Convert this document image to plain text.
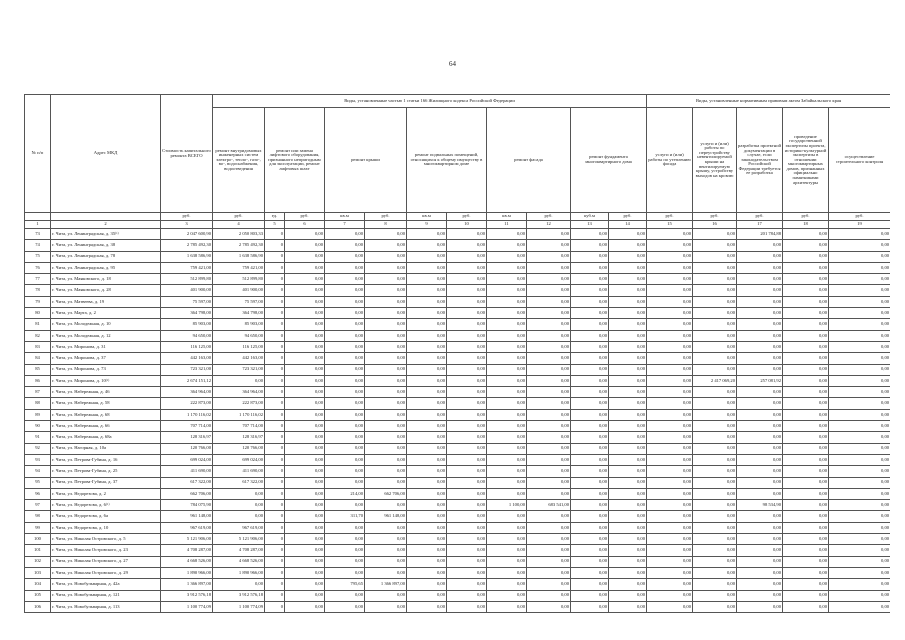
64
№ п/п	Адрес МКД	Стоимость капитального ремонта ВСЕГО	Виды, установленные частью 1 статьи 166 Жилищного кодекса Российской Федерации											Виды, установленные нормативным правовым актом Забайкальского края				
			ремонт внутридомовых инженерных систем электро-, тепло-, газо-, во-, водоснабжения, водоотведения	ремонт или замена лифтового оборудования, признанного непригодным для эксплуатации, ремонт лифтовых шахт		ремонт крыши		ремонт подвальных помещений, относящихся к общему имуществу в многоквартирном доме		ремонт фасада		ремонт фундамента многоквартирного дома		услуги и (или) работы по утеплению фасада	услуги и (или) работы по переустройству невентилируемой крыши на вентилируемую крышу, устройству выходов на кровлю	разработка проектной документации в случае, если законодательством Российской Федерации требуется ее разработка	проведение государственной экспертизы проекта, историко-культурной экспертизы в отношении многоквартирных домов, признанных официально памятниками архитектуры	осуществление строительного контроля
		руб.	руб.	ед.	руб.	кв.м	руб.	кв.м	руб.	кв.м	руб.	куб.м	руб.	руб.	руб.	руб.	руб.	руб.
1	2	3	4	5	6	7	8	9	10	11	12	13	14	15	16	17	18	19
73	г. Чита, ул. Ленинградская, д. 35$^{(1)}$	2 047 600,90	2 050 803,33	0	0,00	0,00	0,00	0,00	0,00	0,00	0,00	0,00	0,00	0,00	0,00	201 784,88	0,00	0,00
74	г. Чита, ул. Ленинградская, д. 38	2 785 492,30	2 785 492,30	0	0,00	0,00	0,00	0,00	0,00	0,00	0,00	0,00	0,00	0,00	0,00	0,00	0,00	0,00
75	г. Чита, ул. Ленинградская, д. 78	1 638 586,90	1 638 586,90	0	0,00	0,00	0,00	0,00	0,00	0,00	0,00	0,00	0,00	0,00	0,00	0,00	0,00	0,00
76	г. Чита, ул. Ленинградская, д. 95	759 421,00	759 421,00	0	0,00	0,00	0,00	0,00	0,00	0,00	0,00	0,00	0,00	0,00	0,00	0,00	0,00	0,00
77	г. Чита, ул. Маяковского, д. 18	512 899,80	512 899,80	0	0,00	0,00	0,00	0,00	0,00	0,00	0,00	0,00	0,00	0,00	0,00	0,00	0,00	0,00
78	г. Чита, ул. Маяковского, д. 28	401 900,00	401 900,00	0	0,00	0,00	0,00	0,00	0,00	0,00	0,00	0,00	0,00	0,00	0,00	0,00	0,00	0,00
79	г. Чита, ул. Матвеева, д. 19	75 597,00	75 597,00	0	0,00	0,00	0,00	0,00	0,00	0,00	0,00	0,00	0,00	0,00	0,00	0,00	0,00	0,00
80	г. Чита, ул. Марта, д. 2	364 798,00	364 798,00	0	0,00	0,00	0,00	0,00	0,00	0,00	0,00	0,00	0,00	0,00	0,00	0,00	0,00	0,00
81	г. Чита, ул. Молодежная, д. 10	85 903,00	85 903,00	0	0,00	0,00	0,00	0,00	0,00	0,00	0,00	0,00	0,00	0,00	0,00	0,00	0,00	0,00
82	г. Чита, ул. Молодежная, д. 12	94 650,00	94 650,00	0	0,00	0,00	0,00	0,00	0,00	0,00	0,00	0,00	0,00	0,00	0,00	0,00	0,00	0,00
83	г. Чита, ул. Миронова, д. 31	116 125,00	116 125,00	0	0,00	0,00	0,00	0,00	0,00	0,00	0,00	0,00	0,00	0,00	0,00	0,00	0,00	0,00
84	г. Чита, ул. Миронова, д. 37	442 163,00	442 163,00	0	0,00	0,00	0,00	0,00	0,00	0,00	0,00	0,00	0,00	0,00	0,00	0,00	0,00	0,00
85	г. Чита, ул. Миронова, д. 73	723 321,00	723 321,00	0	0,00	0,00	0,00	0,00	0,00	0,00	0,00	0,00	0,00	0,00	0,00	0,00	0,00	0,00
86	г. Чита, ул. Миронова, д. 10$^{(1)}$	2 674 151,12	0,00	0	0,00	0,00	0,00	0,00	0,00	0,00	0,00	0,00	0,00	0,00	2 417 069,20	257 081,92	0,00	0,00
87	г. Чита, ул. Набережная, д. 46	364 964,00	364 964,00	0	0,00	0,00	0,00	0,00	0,00	0,00	0,00	0,00	0,00	0,00	0,00	0,00	0,00	0,00
88	г. Чита, ул. Набережная, д. 58	222 873,00	222 873,00	0	0,00	0,00	0,00	0,00	0,00	0,00	0,00	0,00	0,00	0,00	0,00	0,00	0,00	0,00
89	г. Чита, ул. Набережная, д. 68	1 170 116,02	1 170 116,02	0	0,00	0,00	0,00	0,00	0,00	0,00	0,00	0,00	0,00	0,00	0,00	0,00	0,00	0,00
90	г. Чита, ул. Набережная, д. 66	707 714,00	707 714,00	0	0,00	0,00	0,00	0,00	0,00	0,00	0,00	0,00	0,00	0,00	0,00	0,00	0,00	0,00
91	г. Чита, ул. Набережная, д. 68а	128 316,97	128 316,97	0	0,00	0,00	0,00	0,00	0,00	0,00	0,00	0,00	0,00	0,00	0,00	0,00	0,00	0,00
92	г. Чита, ул. Нагорная, д. 10а	120 766,00	120 766,00	0	0,00	0,00	0,00	0,00	0,00	0,00	0,00	0,00	0,00	0,00	0,00	0,00	0,00	0,00
93	г. Чита, ул. Петрова-Губина, д. 16	699 024,00	699 024,00	0	0,00	0,00	0,00	0,00	0,00	0,00	0,00	0,00	0,00	0,00	0,00	0,00	0,00	0,00
94	г. Чита, ул. Петрова-Губина, д. 25	411 690,00	411 690,00	0	0,00	0,00	0,00	0,00	0,00	0,00	0,00	0,00	0,00	0,00	0,00	0,00	0,00	0,00
95	г. Чита, ул. Петрова-Губина, д. 37	617 322,00	617 322,00	0	0,00	0,00	0,00	0,00	0,00	0,00	0,00	0,00	0,00	0,00	0,00	0,00	0,00	0,00
96	г. Чита, ул. Недорезова, д. 2	662 706,00	0,00	0	0,00	214,00	662 706,00	0,00	0,00	0,00	0,00	0,00	0,00	0,00	0,00	0,00	0,00	0,00
97	г. Чита, ул. Недорезова, д. 6$^{(1)}$	784 075,90	0,00	0	0,00	0,00	0,00	0,00	0,00	1 100,00	683 541,00	0,00	0,00	0,00	0,00	98 534,90	0,00	0,00
98	г. Чита, ул. Недорезова, д. 6а	961 148,00	0,00	0	0,00	311,70	961 148,00	0,00	0,00	0,00	0,00	0,00	0,00	0,00	0,00	0,00	0,00	0,00
99	г. Чита, ул. Недорезова, д. 10	967 619,00	967 619,00	0	0,00	0,00	0,00	0,00	0,00	0,00	0,00	0,00	0,00	0,00	0,00	0,00	0,00	0,00
100	г. Чита, ул. Николая Островского, д. 5	5 121 906,00	5 121 906,00	0	0,00	0,00	0,00	0,00	0,00	0,00	0,00	0,00	0,00	0,00	0,00	0,00	0,00	0,00
101	г. Чита, ул. Николая Островского, д. 23	4 708 287,00	4 708 287,00	0	0,00	0,00	0,00	0,00	0,00	0,00	0,00	0,00	0,00	0,00	0,00	0,00	0,00	0,00
102	г. Чита, ул. Николая Островского, д. 27	4 668 526,00	4 668 526,00	0	0,00	0,00	0,00	0,00	0,00	0,00	0,00	0,00	0,00	0,00	0,00	0,00	0,00	0,00
103	г. Чита, ул. Николая Островского, д. 29	1 890 966,00	1 890 966,00	0	0,00	0,00	0,00	0,00	0,00	0,00	0,00	0,00	0,00	0,00	0,00	0,00	0,00	0,00
104	г. Чита, ул. Новобульварная, д. 42а	1 366 897,00	0,00	0	0,00	795,65	1 366 897,00	0,00	0,00	0,00	0,00	0,00	0,00	0,00	0,00	0,00	0,00	0,00
105	г. Чита, ул. Новобульварная, д. 121	3 912 576,18	3 912 576,18	0	0,00	0,00	0,00	0,00	0,00	0,00	0,00	0,00	0,00	0,00	0,00	0,00	0,00	0,00
106	г. Чита, ул. Новобульварная, д. 113	1 100 774,09	1 100 774,09	0	0,00	0,00	0,00	0,00	0,00	0,00	0,00	0,00	0,00	0,00	0,00	0,00	0,00	0,00
